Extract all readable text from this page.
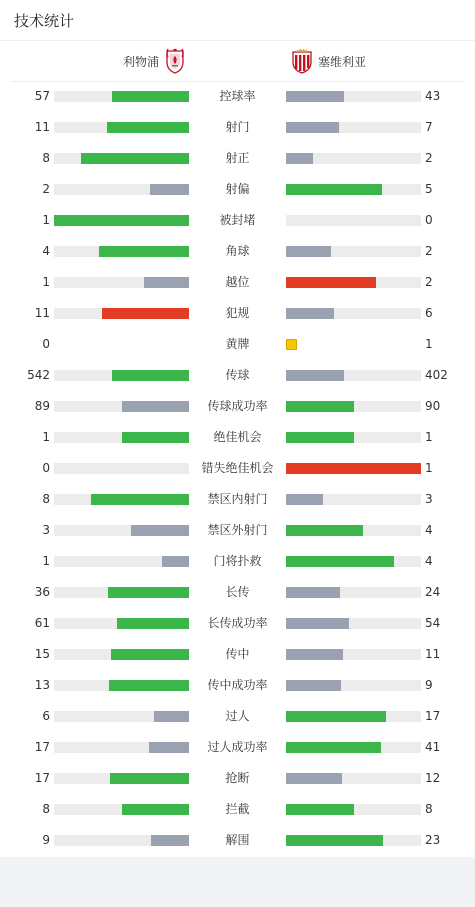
技术统计
利物浦	塞维利亚
57	控球率	43
11	射门	7
8	射正	2
2	射偏	5
1	被封堵	0
4	角球	2
1	越位	2
11	犯规	6
0	黄牌	1
542	传球	402
89	传球成功率	90
1	绝佳机会	1
0	错失绝佳机会	1
8	禁区内射门	3
3	禁区外射门	4
1	门将扑救	4
36	长传	24
61	长传成功率	54
15	传中	11
13	传中成功率	9
6	过人	17
17	过人成功率	41
17	抢断	12
8	拦截	8
9	解围	23
